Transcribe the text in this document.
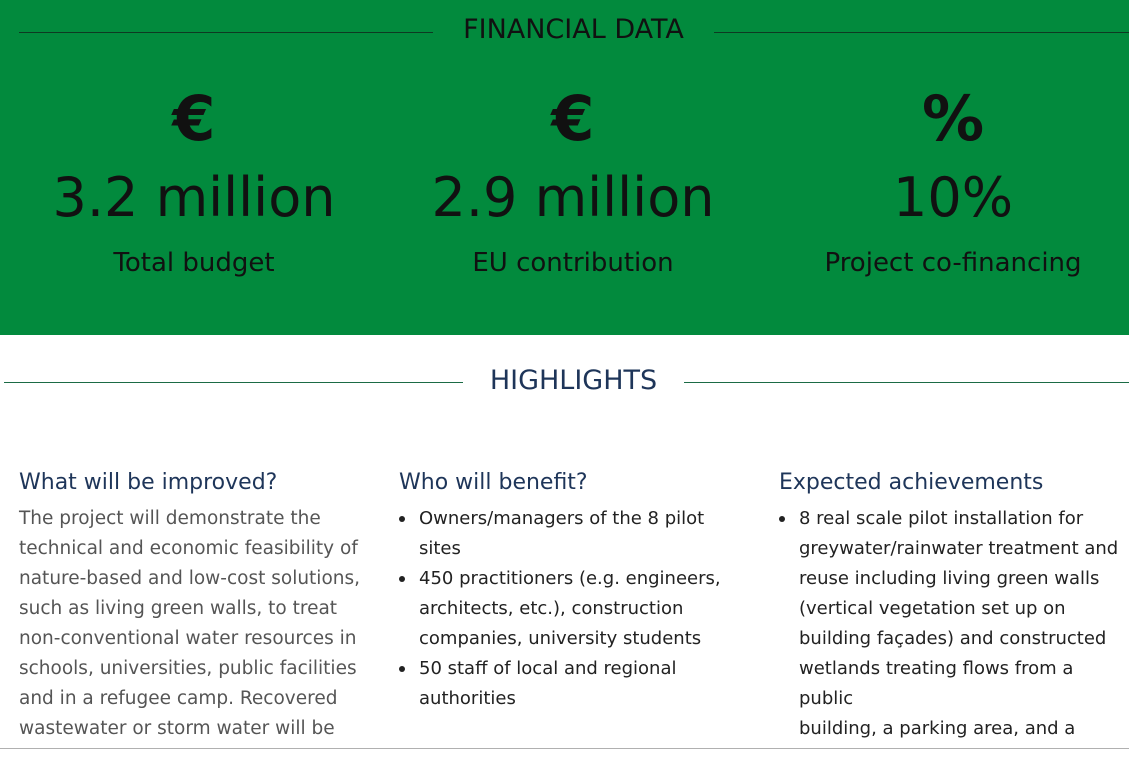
FINANCIAL DATA
€
3.2 million
Total budget
€
2.9 million
EU contribution
%
10%
Project co-financing
HIGHLIGHTS
What will be improved?

The project will demonstrate the
technical and economic feasibility of
nature-based and low-cost solutions,
such as living green walls, to treat
non-conventional water resources in
schools, universities, public facilities
and in a refugee camp. Recovered
wastewater or storm water will be

Who will benefit?
Owners/managers of the 8 pilot sites
450 practitioners (e.g. engineers,
architects, etc.), construction
companies, university students
50 staff of local and regional
authorities
Expected achievements
8 real scale pilot installation for
greywater/rainwater treatment and
reuse including living green walls
(vertical vegetation set up on
building façades) and constructed
wetlands treating flows from a public
building, a parking area, and a
